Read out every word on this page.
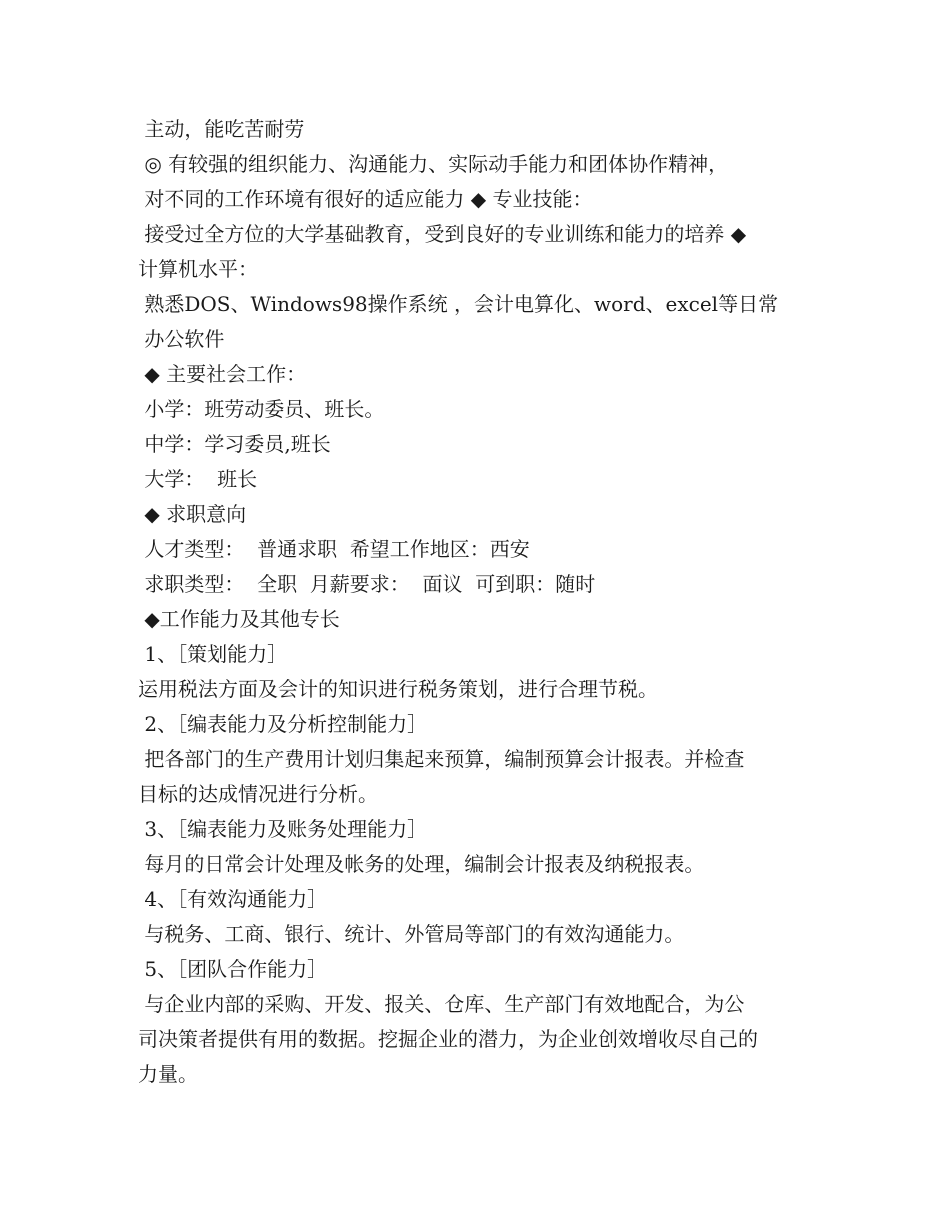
主动，能吃苦耐劳
◎ 有较强的组织能力、沟通能力、实际动手能力和团体协作精神，
对不同的工作环境有很好的适应能力 ◆ 专业技能：
接受过全方位的大学基础教育，受到良好的专业训练和能力的培养 ◆
计算机水平：
熟悉DOS、Windows98操作系统 ，会计电算化、word、excel等日常
办公软件
◆ 主要社会工作：
小学：班劳动委员、班长。
中学：学习委员,班长
大学：  班长
◆ 求职意向
人才类型：  普通求职  希望工作地区：西安
求职类型：  全职  月薪要求：  面议  可到职：随时
◆工作能力及其他专长
1、［策划能力］
运用税法方面及会计的知识进行税务策划，进行合理节税。
2、［编表能力及分析控制能力］
把各部门的生产费用计划归集起来预算，编制预算会计报表。并检查
目标的达成情况进行分析。
3、［编表能力及账务处理能力］
每月的日常会计处理及帐务的处理，编制会计报表及纳税报表。
4、［有效沟通能力］
与税务、工商、银行、统计、外管局等部门的有效沟通能力。
5、［团队合作能力］
与企业内部的采购、开发、报关、仓库、生产部门有效地配合，为公
司决策者提供有用的数据。挖掘企业的潜力，为企业创效增收尽自己的
力量。
